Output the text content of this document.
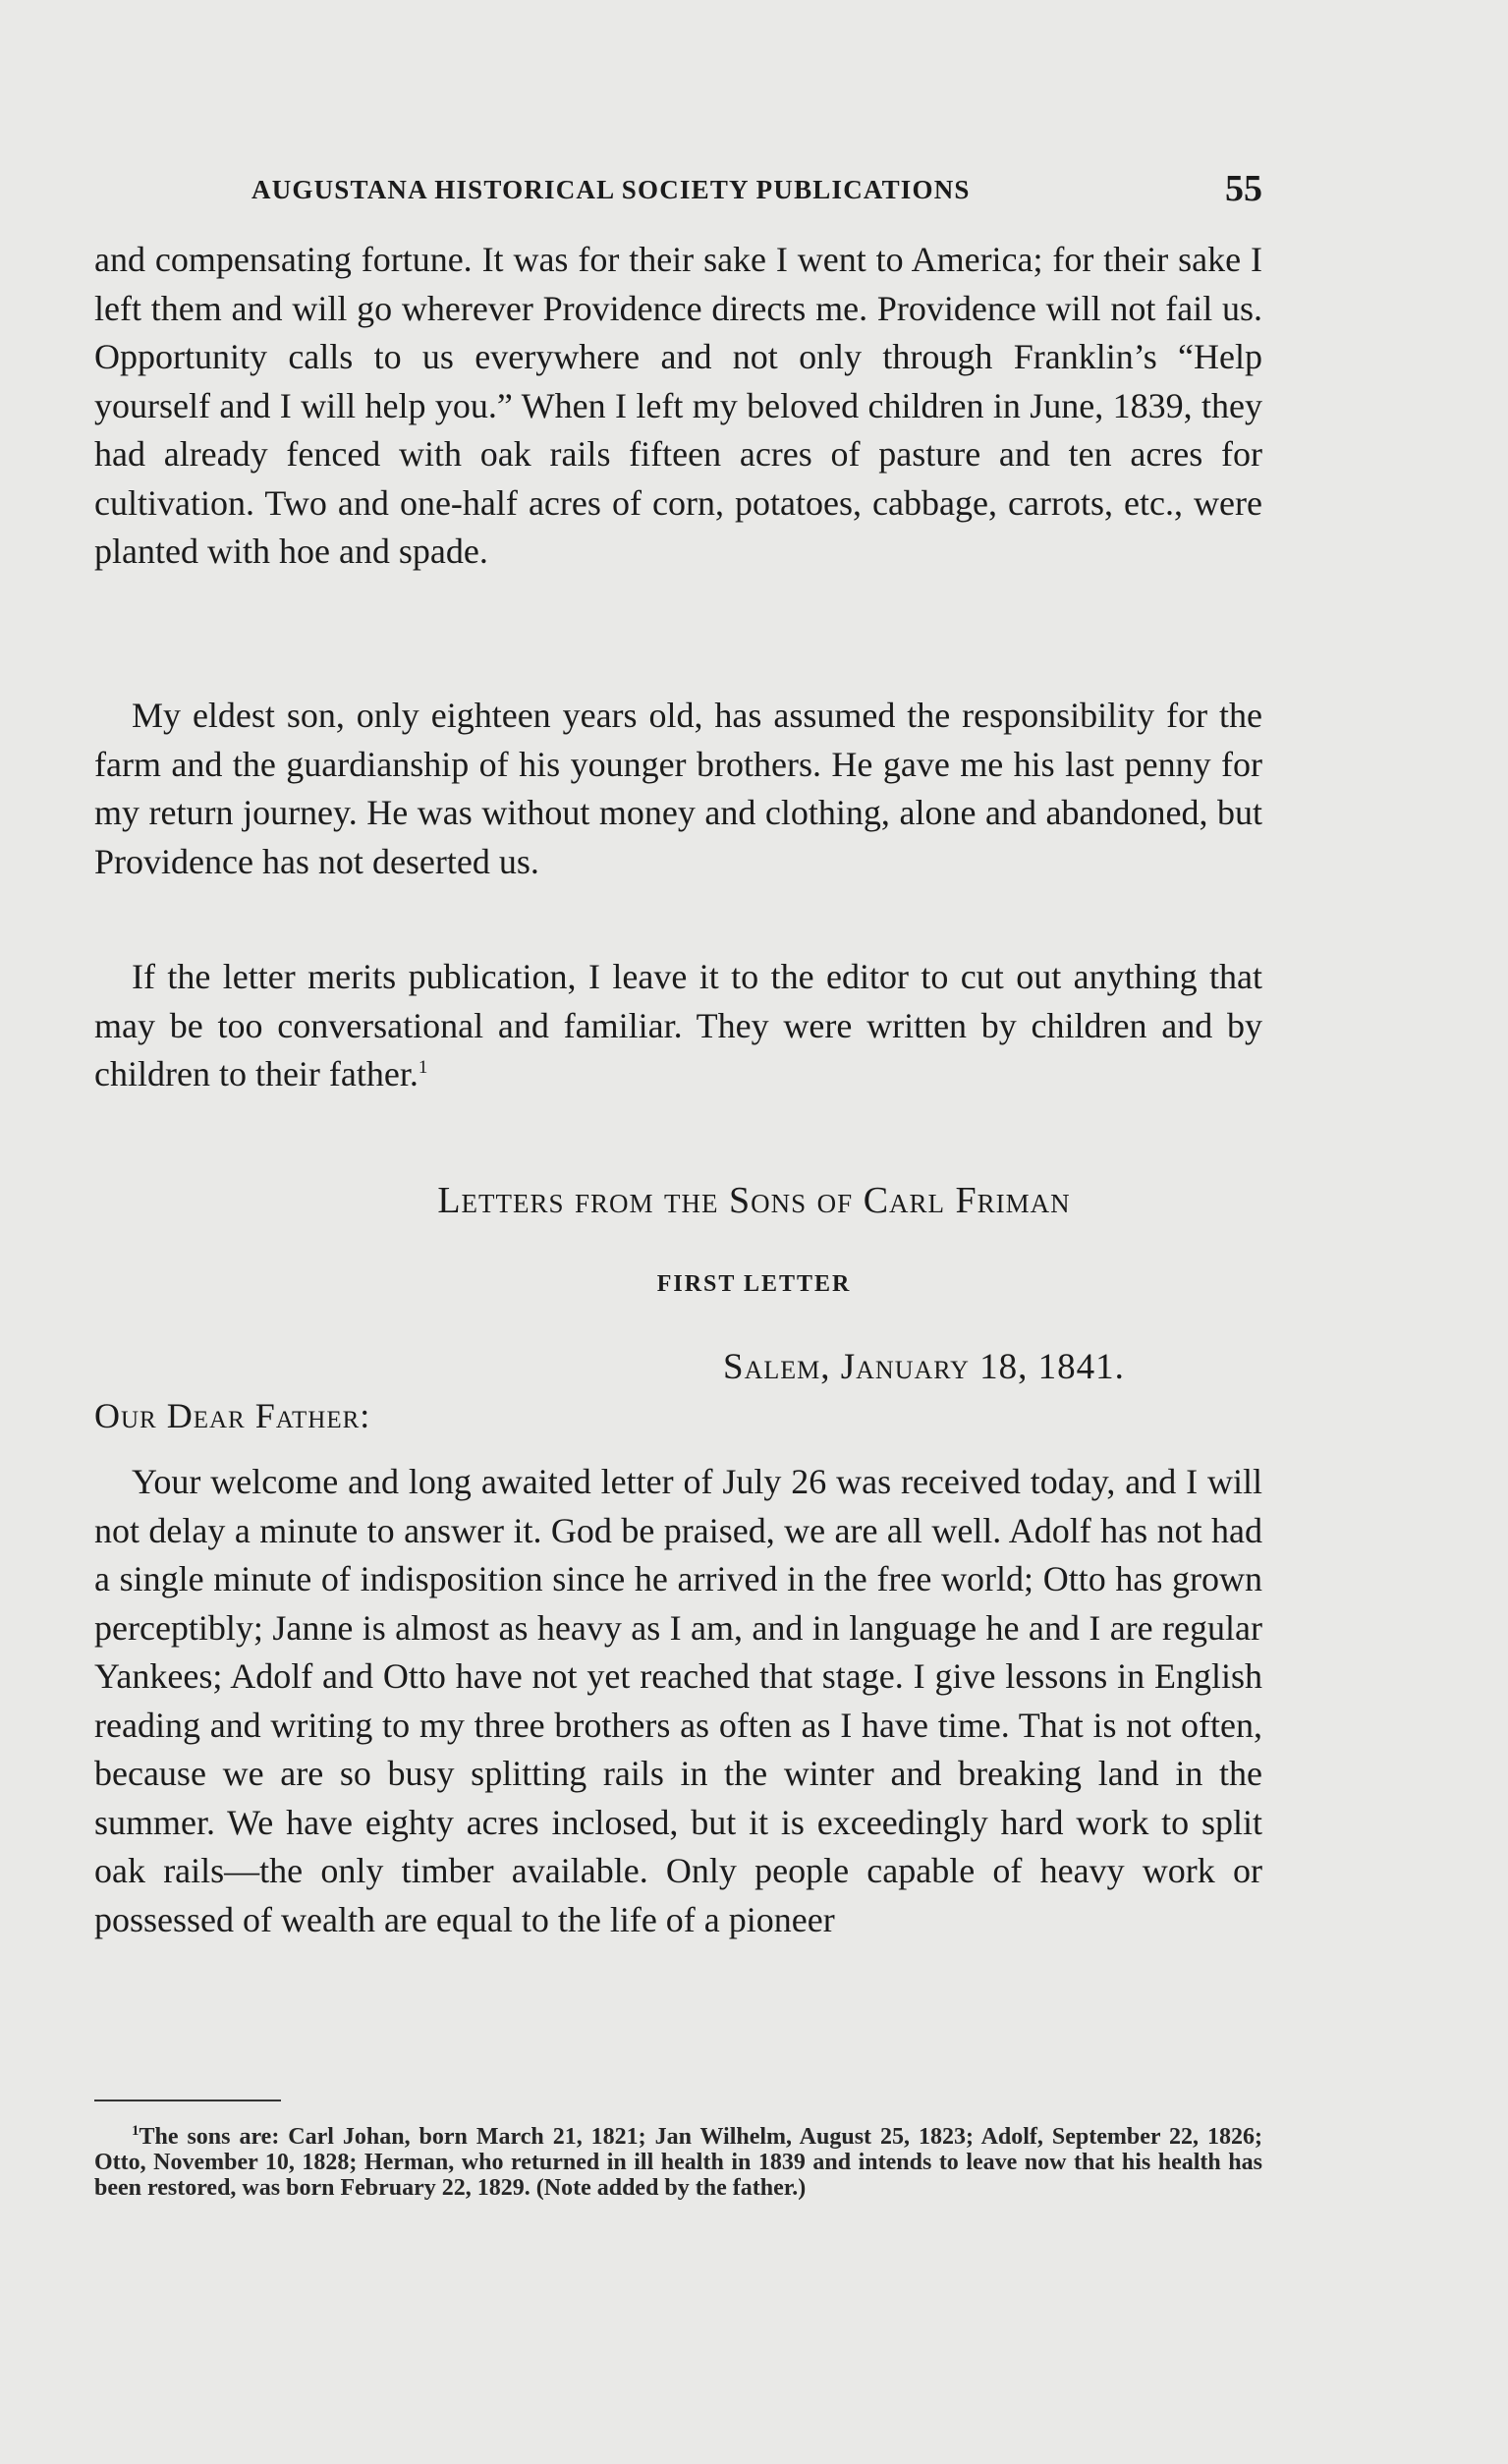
AUGUSTANA HISTORICAL SOCIETY PUBLICATIONS	55

and compensating fortune. It was for their sake I went to America; for their sake I left them and will go wherever Providence directs me. Providence will not fail us. Opportunity calls to us everywhere and not only through Franklin’s “Help yourself and I will help you.” When I left my beloved children in June, 1839, they had already fenced with oak rails fifteen acres of pasture and ten acres for cultivation. Two and one-half acres of corn, potatoes, cabbage, carrots, etc., were planted with hoe and spade.

My eldest son, only eighteen years old, has assumed the responsibility for the farm and the guardianship of his younger brothers. He gave me his last penny for my return journey. He was without money and clothing, alone and abandoned, but Providence has not deserted us.

If the letter merits publication, I leave it to the editor to cut out anything that may be too conversational and familiar. They were written by children and by children to their father.$^1$

Letters from the Sons of Carl Friman
FIRST LETTER
Salem, January 18, 1841.
Our Dear Father:

Your welcome and long awaited letter of July 26 was received today, and I will not delay a minute to answer it. God be praised, we are all well. Adolf has not had a single minute of indisposition since he arrived in the free world; Otto has grown perceptibly; Janne is almost as heavy as I am, and in language he and I are regular Yankees; Adolf and Otto have not yet reached that stage. I give lessons in English reading and writing to my three brothers as often as I have time. That is not often, because we are so busy splitting rails in the winter and breaking land in the summer. We have eighty acres inclosed, but it is exceedingly hard work to split oak rails—the only timber available. Only people capable of heavy work or possessed of wealth are equal to the life of a pioneer

$^1$The sons are: Carl Johan, born March 21, 1821; Jan Wilhelm, August 25, 1823; Adolf, September 22, 1826; Otto, November 10, 1828; Herman, who returned in ill health in 1839 and intends to leave now that his health has been restored, was born February 22, 1829. (Note added by the father.)
